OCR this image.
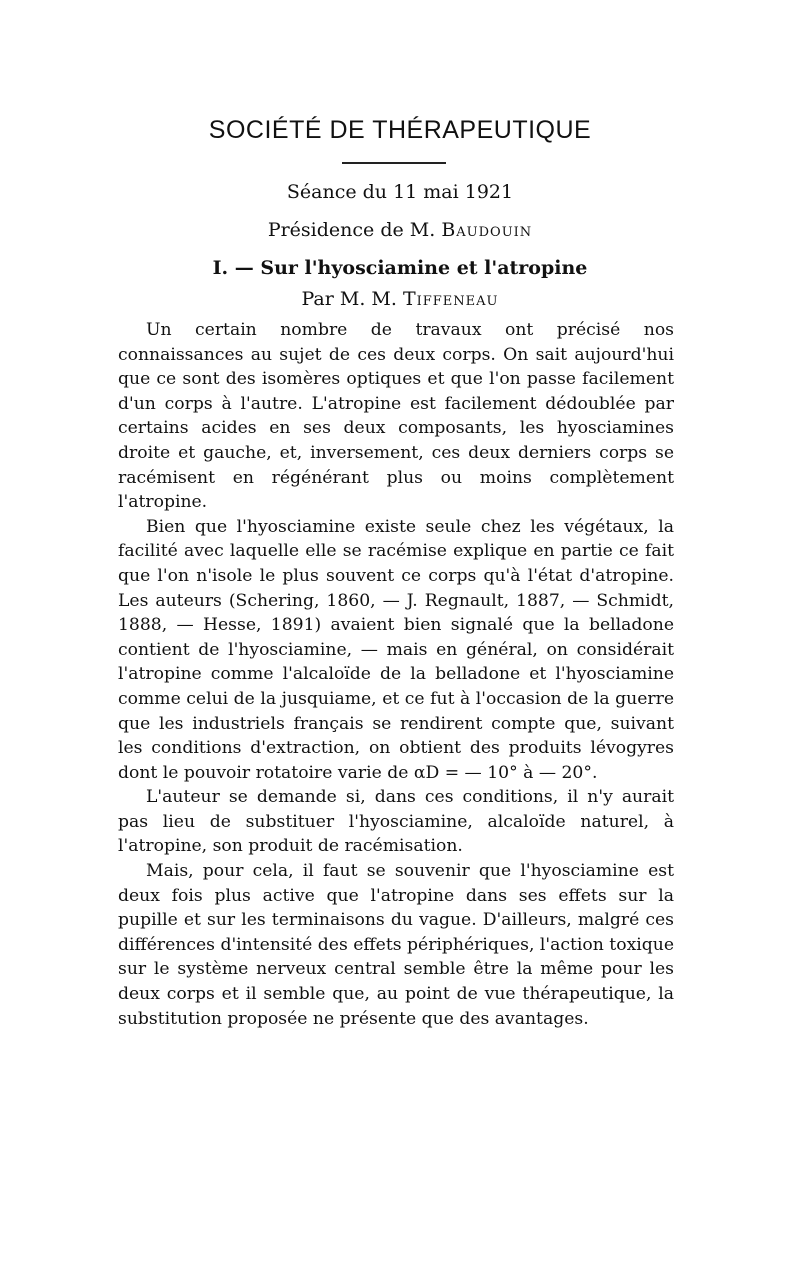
SOCIÉTÉ DE THÉRAPEUTIQUE
Séance du 11 mai 1921
Présidence de M. Baudouin
I. — Sur l'hyosciamine et l'atropine
Par M. M. Tiffeneau

Un certain nombre de travaux ont précisé nos connaissances au sujet de ces deux corps. On sait aujourd'hui que ce sont des isomères optiques et que l'on passe facilement d'un corps à l'autre. L'atropine est facilement dédoublée par certains acides en ses deux composants, les hyosciamines droite et gauche, et, inversement, ces deux derniers corps se racémisent en régénérant plus ou moins complètement l'atropine.

Bien que l'hyosciamine existe seule chez les végétaux, la facilité avec laquelle elle se racémise explique en partie ce fait que l'on n'isole le plus souvent ce corps qu'à l'état d'atropine. Les auteurs (Schering, 1860, — J. Regnault, 1887, — Schmidt, 1888, — Hesse, 1891) avaient bien signalé que la belladone contient de l'hyosciamine, — mais en général, on considérait l'atropine comme l'alcaloïde de la belladone et l'hyosciamine comme celui de la jusquiame, et ce fut à l'occasion de la guerre que les industriels français se rendirent compte que, suivant les conditions d'extraction, on obtient des produits lévogyres dont le pouvoir rotatoire varie de αD = — 10° à — 20°.

L'auteur se demande si, dans ces conditions, il n'y aurait pas lieu de substituer l'hyosciamine, alcaloïde naturel, à l'atropine, son produit de racémisation.

Mais, pour cela, il faut se souvenir que l'hyosciamine est deux fois plus active que l'atropine dans ses effets sur la pupille et sur les terminaisons du vague. D'ailleurs, malgré ces différences d'intensité des effets périphériques, l'action toxique sur le système nerveux central semble être la même pour les deux corps et il semble que, au point de vue thérapeutique, la substitution proposée ne présente que des avantages.
